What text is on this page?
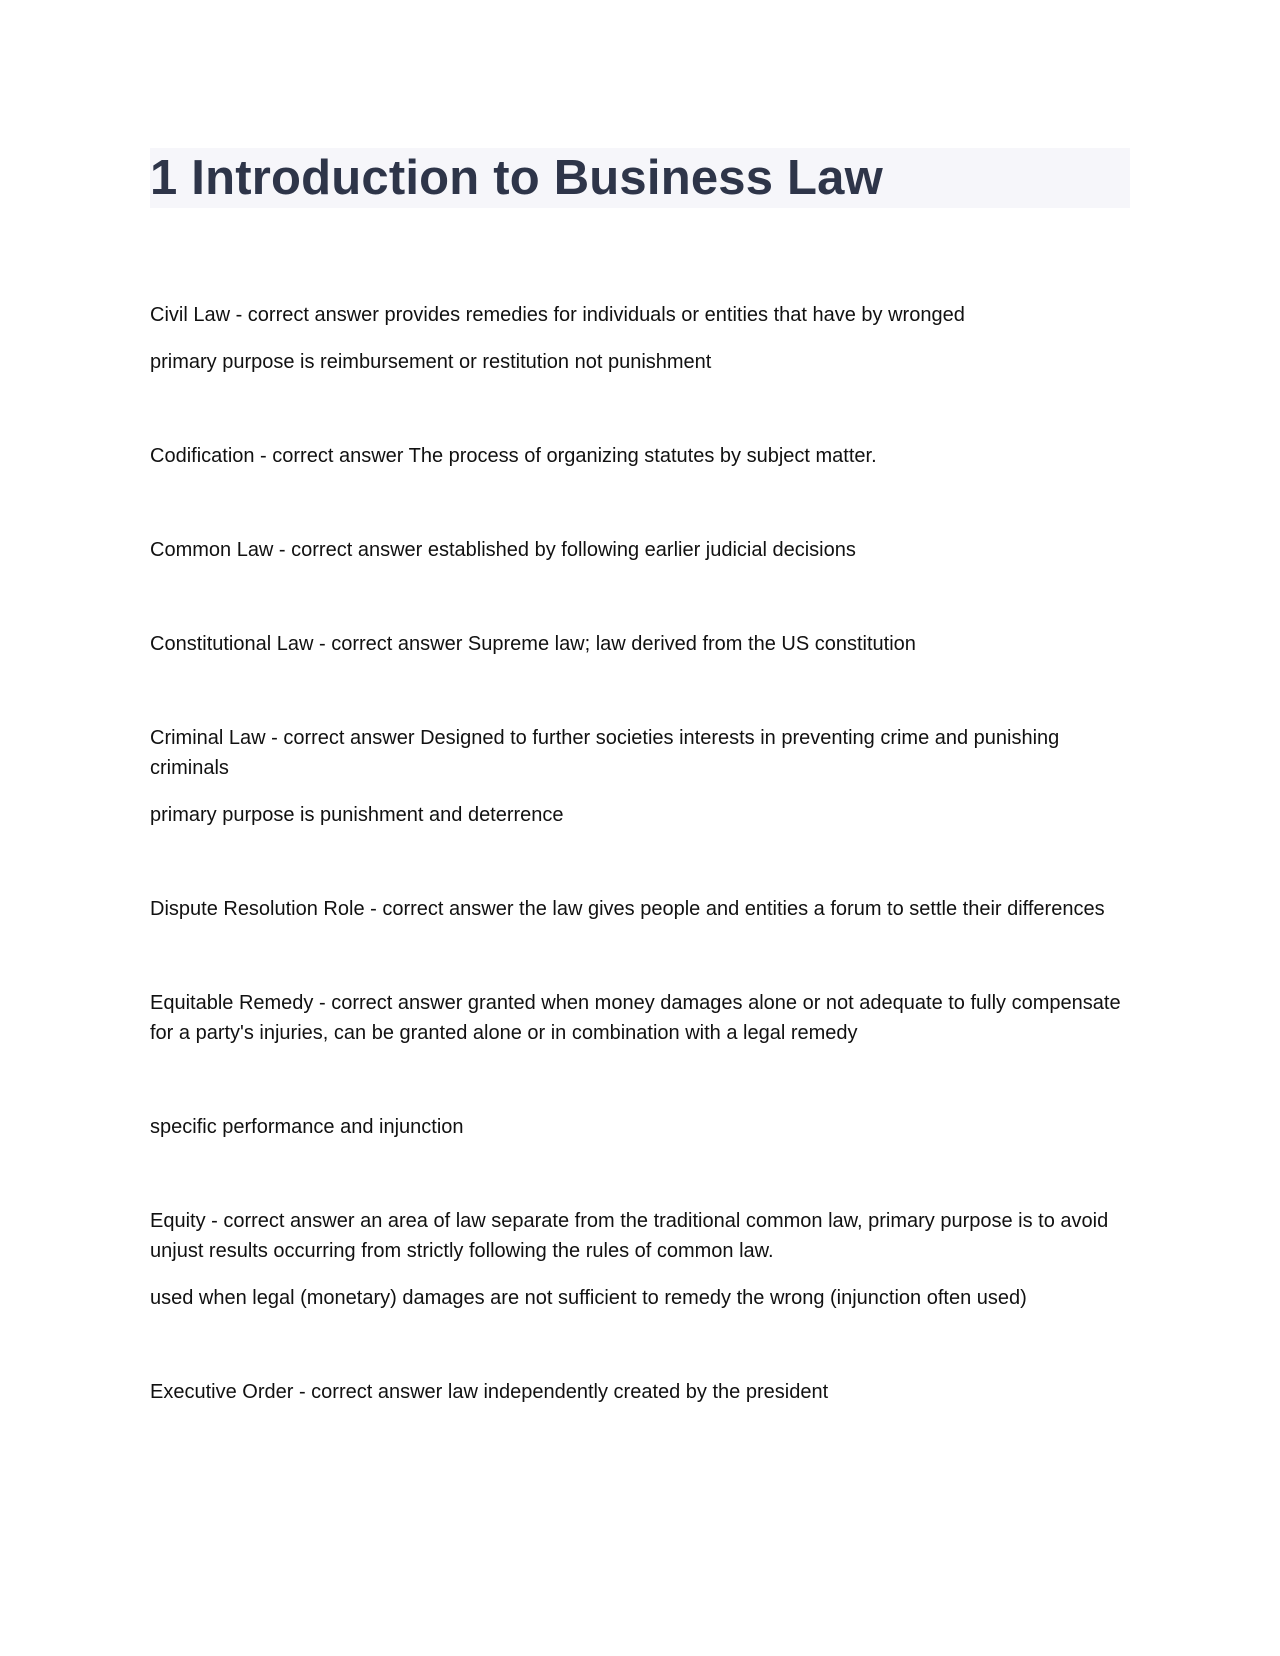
1 Introduction to Business Law

Civil Law - correct answer provides remedies for individuals or entities that have by wronged

primary purpose is reimbursement or restitution not punishment

Codification - correct answer The process of organizing statutes by subject matter.

Common Law - correct answer established by following earlier judicial decisions

Constitutional Law - correct answer Supreme law; law derived from the US constitution

Criminal Law - correct answer Designed to further societies interests in preventing crime and punishing criminals

primary purpose is punishment and deterrence

Dispute Resolution Role - correct answer the law gives people and entities a forum to settle their differences

Equitable Remedy - correct answer granted when money damages alone or not adequate to fully compensate for a party's injuries, can be granted alone or in combination with a legal remedy

specific performance and injunction

Equity - correct answer an area of law separate from the traditional common law, primary purpose is to avoid unjust results occurring from strictly following the rules of common law.

used when legal (monetary) damages are not sufficient to remedy the wrong (injunction often used)

Executive Order - correct answer law independently created by the president
